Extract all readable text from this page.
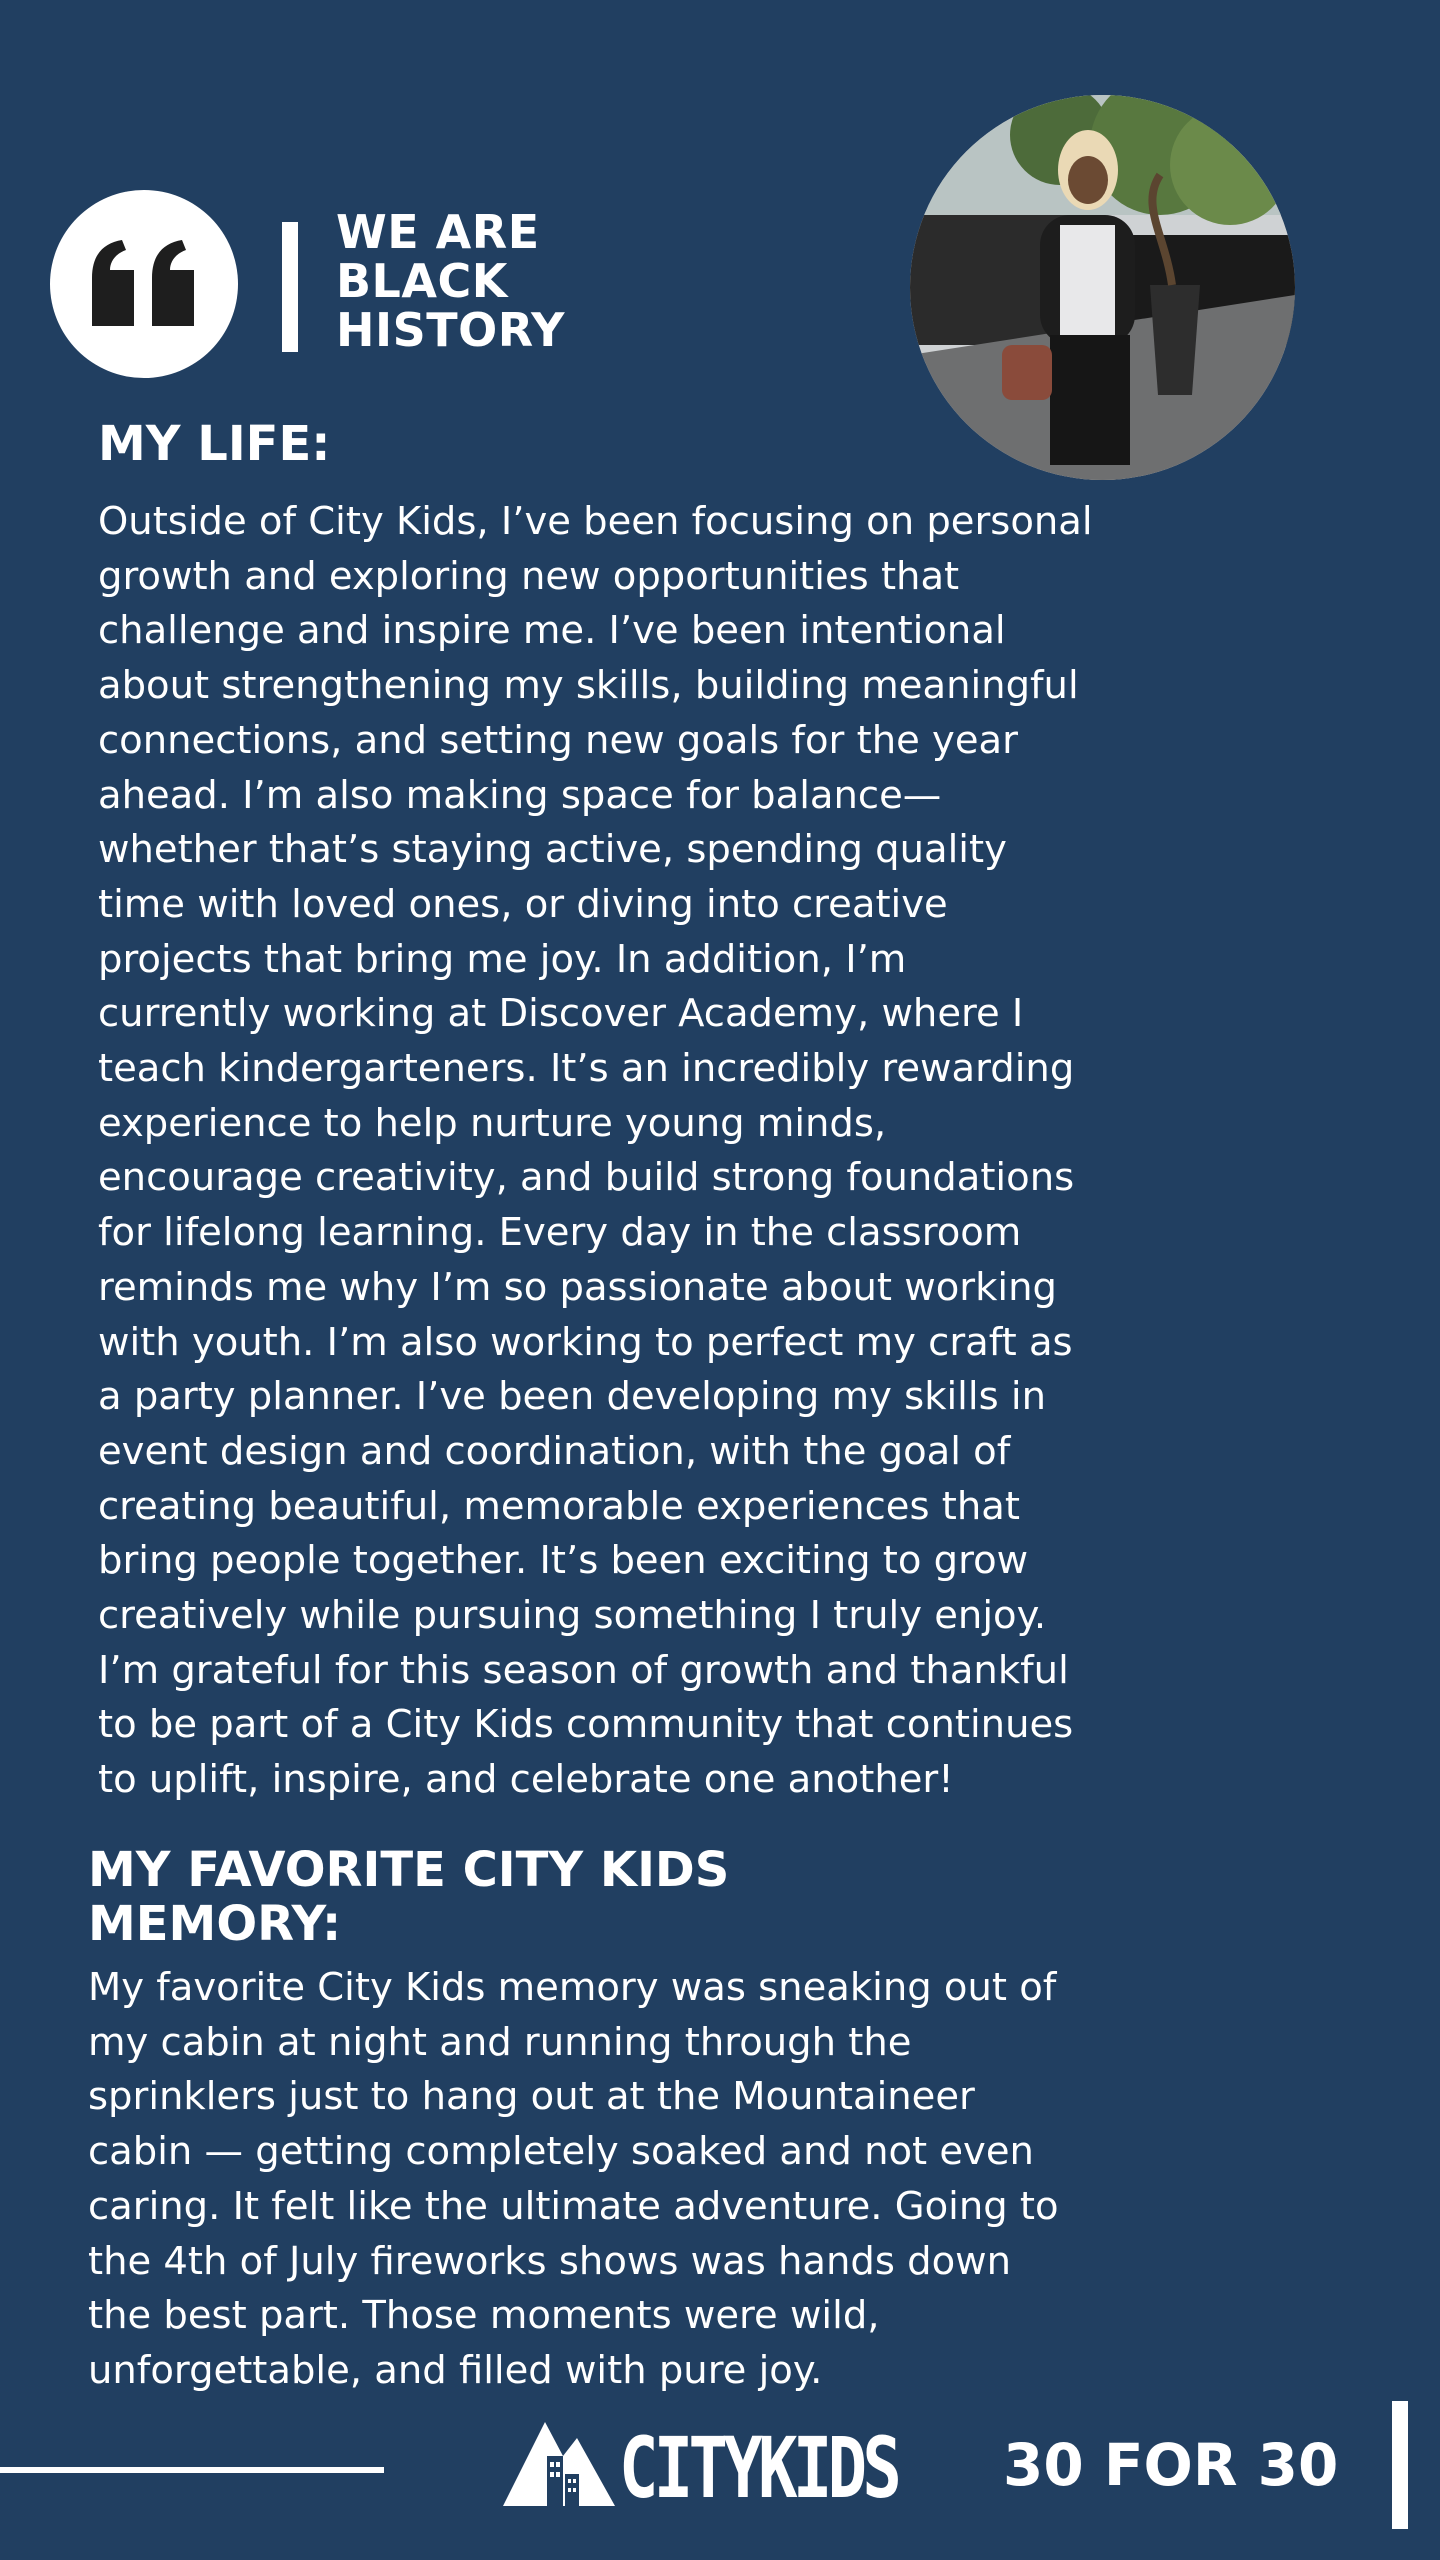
WE ARE
BLACK
HISTORY
MY LIFE:

Outside of City Kids, I’ve been focusing on personal
growth and exploring new opportunities that
challenge and inspire me. I’ve been intentional
about strengthening my skills, building meaningful
connections, and setting new goals for the year
ahead. I’m also making space for balance—
whether that’s staying active, spending quality
time with loved ones, or diving into creative
projects that bring me joy. In addition, I’m
currently working at Discover Academy, where I
teach kindergarteners. It’s an incredibly rewarding
experience to help nurture young minds,
encourage creativity, and build strong foundations
for lifelong learning. Every day in the classroom
reminds me why I’m so passionate about working
with youth. I’m also working to perfect my craft as
a party planner. I’ve been developing my skills in
event design and coordination, with the goal of
creating beautiful, memorable experiences that
bring people together. It’s been exciting to grow
creatively while pursuing something I truly enjoy.
I’m grateful for this season of growth and thankful
to be part of a City Kids community that continues
to uplift, inspire, and celebrate one another!

MY FAVORITE CITY KIDS
MEMORY:

My favorite City Kids memory was sneaking out of
my cabin at night and running through the
sprinklers just to hang out at the Mountaineer
cabin — getting completely soaked and not even
caring. It felt like the ultimate adventure. Going to
the 4th of July fireworks shows was hands down
the best part. Those moments were wild,
unforgettable, and filled with pure joy.

CITYKIDS 30 FOR 30
